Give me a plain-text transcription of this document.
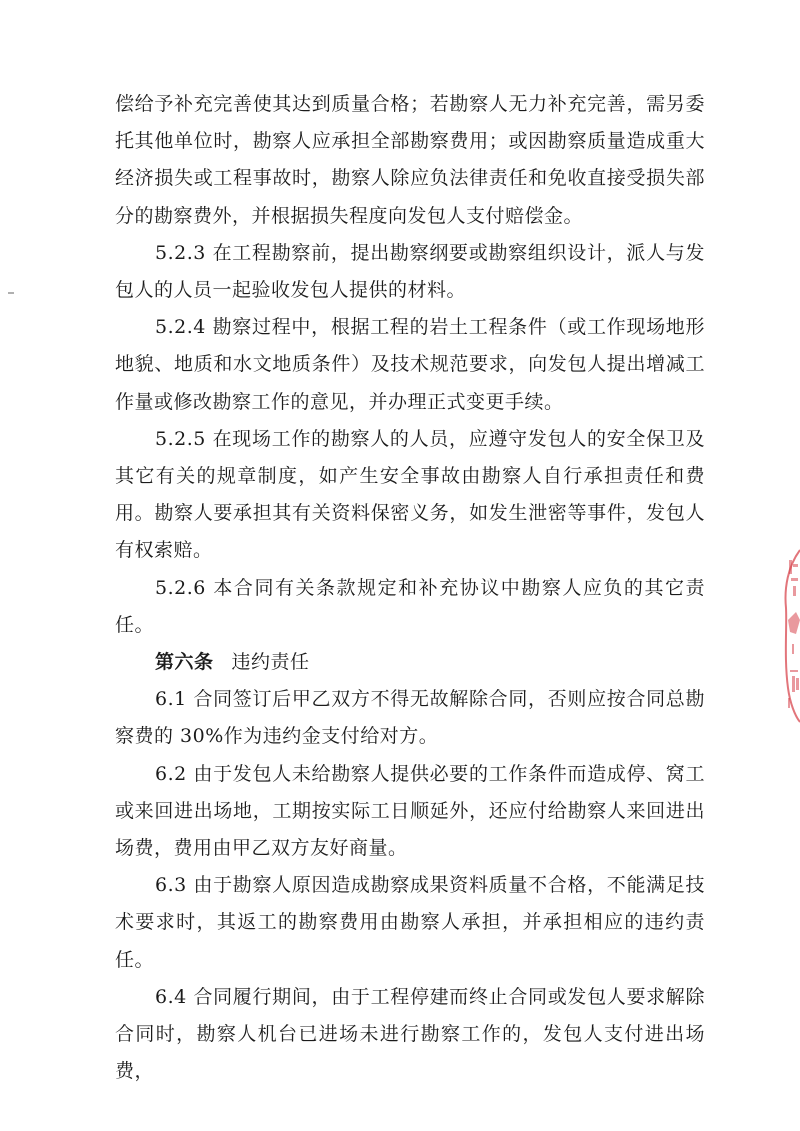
偿给予补充完善使其达到质量合格；若勘察人无力补充完善，需另委托其他单位时，勘察人应承担全部勘察费用；或因勘察质量造成重大经济损失或工程事故时，勘察人除应负法律责任和免收直接受损失部分的勘察费外，并根据损失程度向发包人支付赔偿金。

5.2.3 在工程勘察前，提出勘察纲要或勘察组织设计，派人与发包人的人员一起验收发包人提供的材料。

5.2.4 勘察过程中，根据工程的岩土工程条件（或工作现场地形地貌、地质和水文地质条件）及技术规范要求，向发包人提出增减工作量或修改勘察工作的意见，并办理正式变更手续。

5.2.5 在现场工作的勘察人的人员，应遵守发包人的安全保卫及其它有关的规章制度，如产生安全事故由勘察人自行承担责任和费用。勘察人要承担其有关资料保密义务，如发生泄密等事件，发包人有权索赔。

5.2.6 本合同有关条款规定和补充协议中勘察人应负的其它责任。

第六条 违约责任

6.1 合同签订后甲乙双方不得无故解除合同，否则应按合同总勘察费的 30%作为违约金支付给对方。

6.2 由于发包人未给勘察人提供必要的工作条件而造成停、窝工或来回进出场地，工期按实际工日顺延外，还应付给勘察人来回进出场费，费用由甲乙双方友好商量。

6.3 由于勘察人原因造成勘察成果资料质量不合格，不能满足技术要求时，其返工的勘察费用由勘察人承担，并承担相应的违约责任。

6.4 合同履行期间，由于工程停建而终止合同或发包人要求解除合同时，勘察人机台已进场未进行勘察工作的，发包人支付进出场费，
